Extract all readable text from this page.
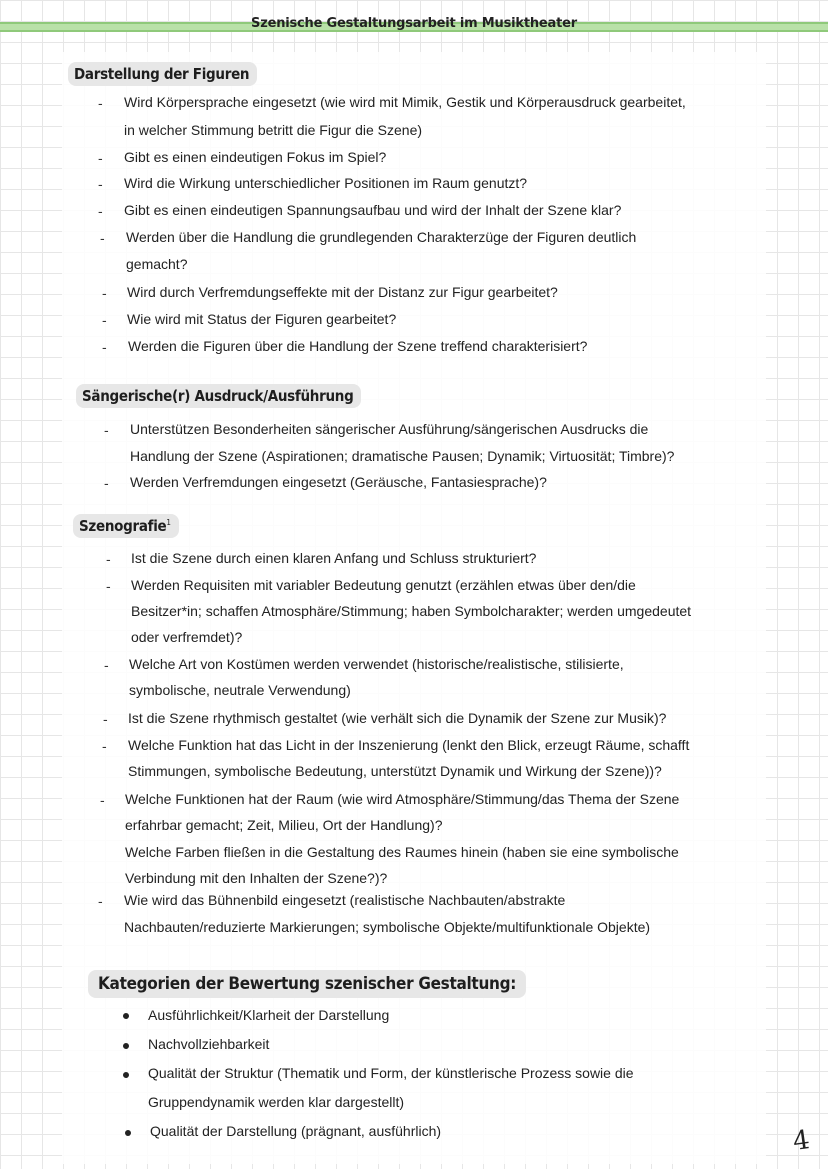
Szenische Gestaltungsarbeit im Musiktheater
Darstellung der Figuren
- Wird Körpersprache eingesetzt (wie wird mit Mimik, Gestik und Körperausdruck gearbeitet,
in welcher Stimmung betritt die Figur die Szene)
- Gibt es einen eindeutigen Fokus im Spiel?
- Wird die Wirkung unterschiedlicher Positionen im Raum genutzt?
- Gibt es einen eindeutigen Spannungsaufbau und wird der Inhalt der Szene klar?
- Werden über die Handlung die grundlegenden Charakterzüge der Figuren deutlich
gemacht?
- Wird durch Verfremdungseffekte mit der Distanz zur Figur gearbeitet?
- Wie wird mit Status der Figuren gearbeitet?
- Werden die Figuren über die Handlung der Szene treffend charakterisiert?
Sängerische(r) Ausdruck/Ausführung
- Unterstützen Besonderheiten sängerischer Ausführung/sängerischen Ausdrucks die
Handlung der Szene (Aspirationen; dramatische Pausen; Dynamik; Virtuosität; Timbre)?
- Werden Verfremdungen eingesetzt (Geräusche, Fantasiesprache)?
Szenografie$^1$
- Ist die Szene durch einen klaren Anfang und Schluss strukturiert?
- Werden Requisiten mit variabler Bedeutung genutzt (erzählen etwas über den/die
Besitzer*in; schaffen Atmosphäre/Stimmung; haben Symbolcharakter; werden umgedeutet
oder verfremdet)?
- Welche Art von Kostümen werden verwendet (historische/realistische, stilisierte,
symbolische, neutrale Verwendung)
- Ist die Szene rhythmisch gestaltet (wie verhält sich die Dynamik der Szene zur Musik)?
- Welche Funktion hat das Licht in der Inszenierung (lenkt den Blick, erzeugt Räume, schafft
Stimmungen, symbolische Bedeutung, unterstützt Dynamik und Wirkung der Szene))?
- Welche Funktionen hat der Raum (wie wird Atmosphäre/Stimmung/das Thema der Szene
erfahrbar gemacht; Zeit, Milieu, Ort der Handlung)?
Welche Farben fließen in die Gestaltung des Raumes hinein (haben sie eine symbolische
Verbindung mit den Inhalten der Szene?)?
- Wie wird das Bühnenbild eingesetzt (realistische Nachbauten/abstrakte
Nachbauten/reduzierte Markierungen; symbolische Objekte/multifunktionale Objekte)
Kategorien der Bewertung szenischer Gestaltung:
Ausführlichkeit/Klarheit der Darstellung
Nachvollziehbarkeit
Qualität der Struktur (Thematik und Form, der künstlerische Prozess sowie die
Gruppendynamik werden klar dargestellt)
Qualität der Darstellung (prägnant, ausführlich)	4
